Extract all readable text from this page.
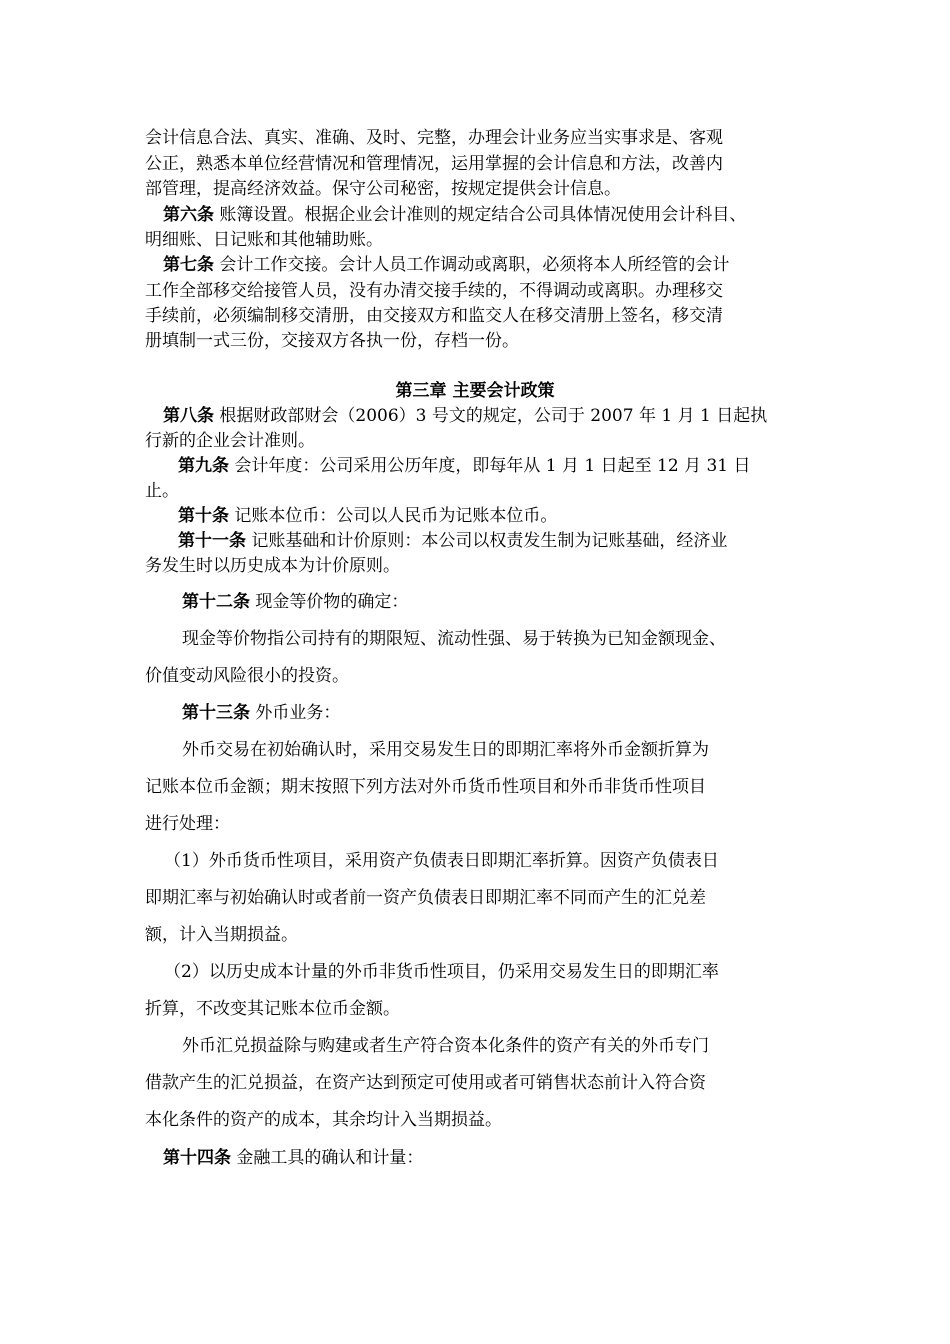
会计信息合法、真实、准确、及时、完整，办理会计业务应当实事求是、客观
公正，熟悉本单位经营情况和管理情况，运用掌握的会计信息和方法，改善内
部管理，提高经济效益。保守公司秘密，按规定提供会计信息。
第六条 账簿设置。根据企业会计准则的规定结合公司具体情况使用会计科目、
明细账、日记账和其他辅助账。
第七条 会计工作交接。会计人员工作调动或离职，必须将本人所经管的会计
工作全部移交给接管人员，没有办清交接手续的，不得调动或离职。办理移交
手续前，必须编制移交清册，由交接双方和监交人在移交清册上签名，移交清
册填制一式三份，交接双方各执一份，存档一份。
第三章 主要会计政策
第八条 根据财政部财会（2006）3 号文的规定，公司于 2007 年 1 月 1 日起执
行新的企业会计准则。
第九条 会计年度：公司采用公历年度，即每年从 1 月 1 日起至 12 月 31 日
止。
第十条 记账本位币：公司以人民币为记账本位币。
第十一条 记账基础和计价原则：本公司以权责发生制为记账基础，经济业
务发生时以历史成本为计价原则。
第十二条 现金等价物的确定：
现金等价物指公司持有的期限短、流动性强、易于转换为已知金额现金、
价值变动风险很小的投资。
第十三条 外币业务：
外币交易在初始确认时，采用交易发生日的即期汇率将外币金额折算为
记账本位币金额；期末按照下列方法对外币货币性项目和外币非货币性项目
进行处理：
（1）外币货币性项目，采用资产负债表日即期汇率折算。因资产负债表日
即期汇率与初始确认时或者前一资产负债表日即期汇率不同而产生的汇兑差
额，计入当期损益。
（2）以历史成本计量的外币非货币性项目，仍采用交易发生日的即期汇率
折算，不改变其记账本位币金额。
外币汇兑损益除与购建或者生产符合资本化条件的资产有关的外币专门
借款产生的汇兑损益，在资产达到预定可使用或者可销售状态前计入符合资
本化条件的资产的成本，其余均计入当期损益。
第十四条 金融工具的确认和计量：
